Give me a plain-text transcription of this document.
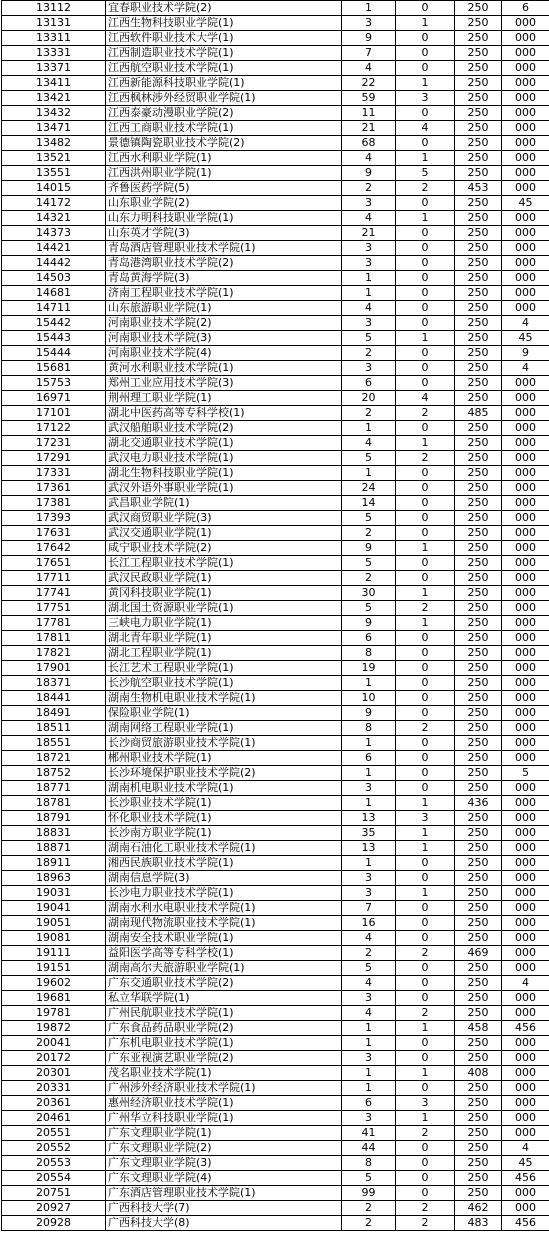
13112	宜春职业技术学院(2)	1	0	250	6
13131	江西生物科技职业学院(1)	3	1	250	000
13311	江西软件职业技术大学(1)	9	0	250	000
13331	江西制造职业技术学院(1)	7	0	250	000
13371	江西航空职业技术学院(1)	4	0	250	000
13411	江西新能源科技职业学院(1)	22	1	250	000
13421	江西枫林涉外经贸职业学院(1)	59	3	250	000
13432	江西泰豪动漫职业学院(2)	11	0	250	000
13471	江西工商职业技术学院(1)	21	4	250	000
13482	景德镇陶瓷职业技术学院(2)	68	0	250	000
13521	江西水利职业学院(1)	4	1	250	000
13551	江西洪州职业学院(1)	9	5	250	000
14015	齐鲁医药学院(5)	2	2	453	000
14172	山东职业学院(2)	3	0	250	45
14321	山东力明科技职业学院(1)	4	1	250	000
14373	山东英才学院(3)	21	0	250	000
14421	青岛酒店管理职业技术学院(1)	3	0	250	000
14442	青岛港湾职业技术学院(2)	3	0	250	000
14503	青岛黄海学院(3)	1	0	250	000
14681	济南工程职业技术学院(1)	1	0	250	000
14711	山东旅游职业学院(1)	4	0	250	000
15442	河南职业技术学院(2)	3	0	250	4
15443	河南职业技术学院(3)	5	1	250	45
15444	河南职业技术学院(4)	2	0	250	9
15681	黄河水利职业技术学院(1)	3	0	250	4
15753	郑州工业应用技术学院(3)	6	0	250	000
16971	荆州理工职业学院(1)	20	4	250	000
17101	湖北中医药高等专科学校(1)	2	2	485	000
17122	武汉船舶职业技术学院(2)	1	0	250	000
17231	湖北交通职业技术学院(1)	4	1	250	000
17291	武汉电力职业技术学院(1)	5	2	250	000
17331	湖北生物科技职业学院(1)	1	0	250	000
17361	武汉外语外事职业学院(1)	24	0	250	000
17381	武昌职业学院(1)	14	0	250	000
17393	武汉商贸职业学院(3)	5	0	250	000
17631	武汉交通职业学院(1)	2	0	250	000
17642	咸宁职业技术学院(2)	9	1	250	000
17651	长江工程职业技术学院(1)	5	0	250	000
17711	武汉民政职业学院(1)	2	0	250	000
17741	黄冈科技职业学院(1)	30	1	250	000
17751	湖北国土资源职业学院(1)	5	2	250	000
17781	三峡电力职业学院(1)	9	1	250	000
17811	湖北青年职业学院(1)	6	0	250	000
17821	湖北工程职业学院(1)	8	0	250	000
17901	长江艺术工程职业学院(1)	19	0	250	000
18371	长沙航空职业技术学院(1)	1	0	250	000
18441	湖南生物机电职业技术学院(1)	10	0	250	000
18491	保险职业学院(1)	9	0	250	000
18511	湖南网络工程职业学院(1)	8	2	250	000
18551	长沙商贸旅游职业技术学院(1)	1	0	250	000
18721	郴州职业技术学院(1)	6	0	250	000
18752	长沙环境保护职业技术学院(2)	1	0	250	5
18771	湖南机电职业技术学院(1)	3	0	250	000
18781	长沙职业技术学院(1)	1	1	436	000
18791	怀化职业技术学院(1)	13	3	250	000
18831	长沙南方职业学院(1)	35	1	250	000
18871	湖南石油化工职业技术学院(1)	13	1	250	000
18911	湘西民族职业技术学院(1)	1	0	250	000
18963	湖南信息学院(3)	3	0	250	000
19031	长沙电力职业技术学院(1)	3	1	250	000
19041	湖南水利水电职业技术学院(1)	7	0	250	000
19051	湖南现代物流职业技术学院(1)	16	0	250	000
19081	湖南安全技术职业学院(1)	4	0	250	000
19111	益阳医学高等专科学校(1)	2	2	469	000
19151	湖南高尔夫旅游职业学院(1)	5	0	250	000
19602	广东交通职业技术学院(2)	4	0	250	4
19681	私立华联学院(1)	3	0	250	000
19781	广州民航职业技术学院(1)	4	2	250	000
19872	广东食品药品职业学院(2)	1	1	458	456
20041	广东机电职业技术学院(1)	1	0	250	000
20172	广东亚视演艺职业学院(2)	3	0	250	000
20301	茂名职业技术学院(1)	1	1	408	000
20331	广州涉外经济职业技术学院(1)	1	0	250	000
20361	惠州经济职业技术学院(1)	6	3	250	000
20461	广州华立科技职业学院(1)	3	1	250	000
20551	广东文理职业学院(1)	41	2	250	000
20552	广东文理职业学院(2)	44	0	250	4
20553	广东文理职业学院(3)	8	0	250	45
20554	广东文理职业学院(4)	5	0	250	456
20751	广东酒店管理职业技术学院(1)	99	0	250	000
20927	广西科技大学(7)	2	2	462	000
20928	广西科技大学(8)	2	2	483	456
